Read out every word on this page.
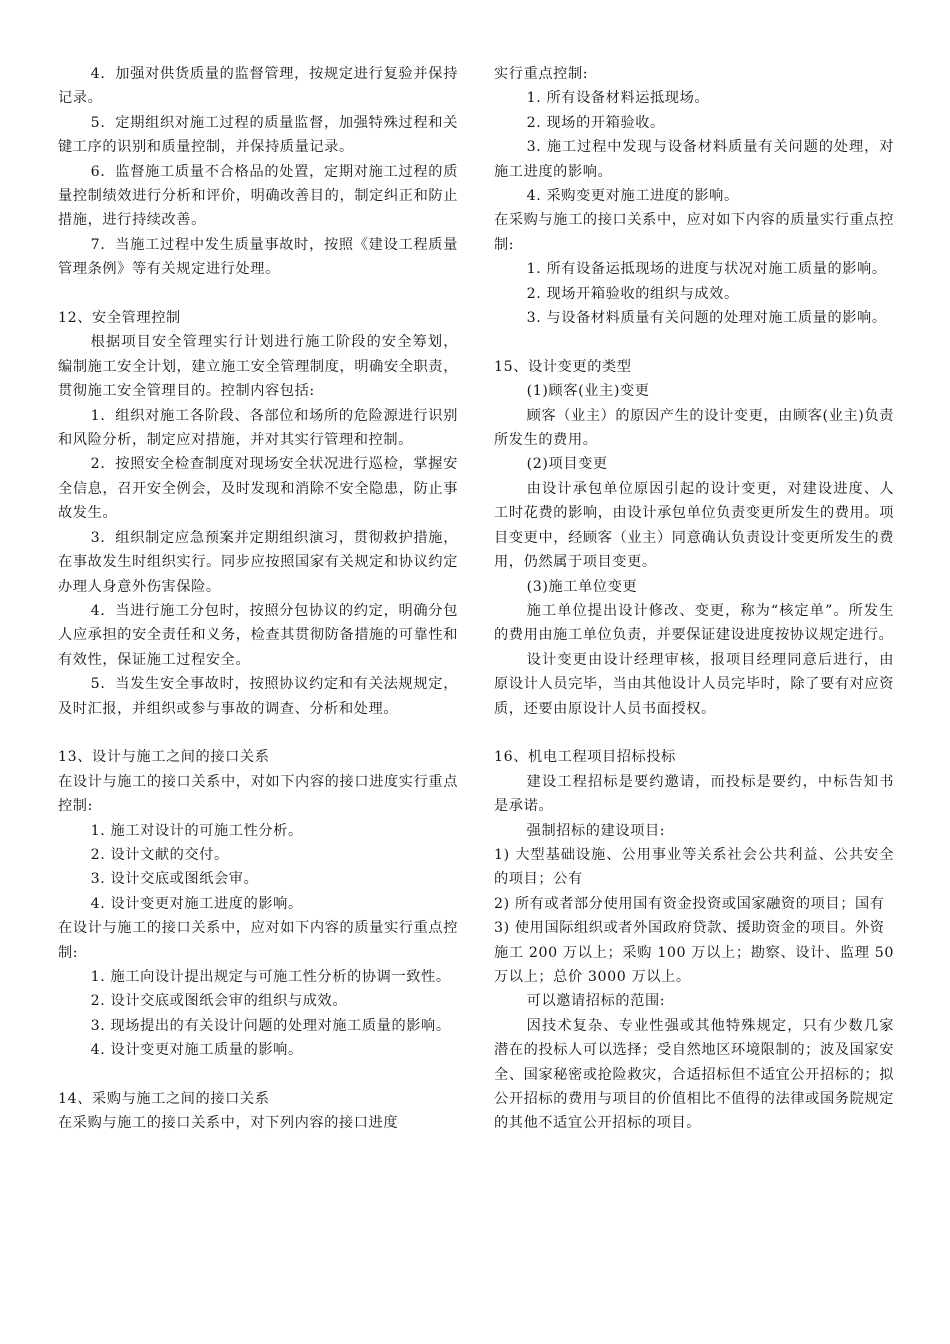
4．加强对供货质量的监督管理，按规定进行复验并保持记录。

5．定期组织对施工过程的质量监督，加强特殊过程和关键工序的识别和质量控制，并保持质量记录。

6．监督施工质量不合格品的处置，定期对施工过程的质量控制绩效进行分析和评价，明确改善目的，制定纠正和防止措施，进行持续改善。

7．当施工过程中发生质量事故时，按照《建设工程质量管理条例》等有关规定进行处理。

12、安全管理控制

根据项目安全管理实行计划进行施工阶段的安全筹划，编制施工安全计划，建立施工安全管理制度，明确安全职责，贯彻施工安全管理目的。控制内容包括:

1．组织对施工各阶段、各部位和场所的危险源进行识别和风险分析，制定应对措施，并对其实行管理和控制。

2．按照安全检查制度对现场安全状况进行巡检，掌握安全信息，召开安全例会，及时发现和消除不安全隐患，防止事故发生。

3．组织制定应急预案并定期组织演习，贯彻救护措施，在事故发生时组织实行。同步应按照国家有关规定和协议约定办理人身意外伤害保险。

4．当进行施工分包时，按照分包协议的约定，明确分包人应承担的安全责任和义务，检查其贯彻防备措施的可靠性和有效性，保证施工过程安全。

5．当发生安全事故时，按照协议约定和有关法规规定，及时汇报，并组织或参与事故的调查、分析和处理。

13、设计与施工之间的接口关系

在设计与施工的接口关系中，对如下内容的接口进度实行重点控制:

1. 施工对设计的可施工性分析。

2. 设计文献的交付。

3. 设计交底或图纸会审。

4. 设计变更对施工进度的影响。

在设计与施工的接口关系中，应对如下内容的质量实行重点控制:

1. 施工向设计提出规定与可施工性分析的协调一致性。

2. 设计交底或图纸会审的组织与成效。

3. 现场提出的有关设计问题的处理对施工质量的影响。

4. 设计变更对施工质量的影响。

14、采购与施工之间的接口关系

在采购与施工的接口关系中，对下列内容的接口进度

实行重点控制:

1. 所有设备材料运抵现场。

2. 现场的开箱验收。

3. 施工过程中发现与设备材料质量有关问题的处理，对施工进度的影响。

4. 采购变更对施工进度的影响。

在采购与施工的接口关系中，应对如下内容的质量实行重点控制:

1. 所有设备运抵现场的进度与状况对施工质量的影响。

2. 现场开箱验收的组织与成效。

3. 与设备材料质量有关问题的处理对施工质量的影响。

15、设计变更的类型

(1)顾客(业主)变更

顾客（业主）的原因产生的设计变更，由顾客(业主)负责所发生的费用。

(2)项目变更

由设计承包单位原因引起的设计变更，对建设进度、人工时花费的影响，由设计承包单位负责变更所发生的费用。项目变更中，经顾客（业主）同意确认负责设计变更所发生的费用，仍然属于项目变更。

(3)施工单位变更

施工单位提出设计修改、变更，称为“核定单”。所发生的费用由施工单位负责，并要保证建设进度按协议规定进行。

设计变更由设计经理审核，报项目经理同意后进行，由原设计人员完毕，当由其他设计人员完毕时，除了要有对应资质，还要由原设计人员书面授权。

16、机电工程项目招标投标

建设工程招标是要约邀请，而投标是要约，中标告知书是承诺。

强制招标的建设项目:

1) 大型基础设施、公用事业等关系社会公共利益、公共安全的项目；公有

2) 所有或者部分使用国有资金投资或国家融资的项目；国有

3) 使用国际组织或者外国政府贷款、援助资金的项目。外资

施工 200 万以上；采购 100 万以上；勘察、设计、监理 50 万以上；总价 3000 万以上。

可以邀请招标的范围:

因技术复杂、专业性强或其他特殊规定，只有少数几家潜在的投标人可以选择；受自然地区环境限制的；波及国家安全、国家秘密或抢险救灾，合适招标但不适宜公开招标的；拟公开招标的费用与项目的价值相比不值得的法律或国务院规定的其他不适宜公开招标的项目。
